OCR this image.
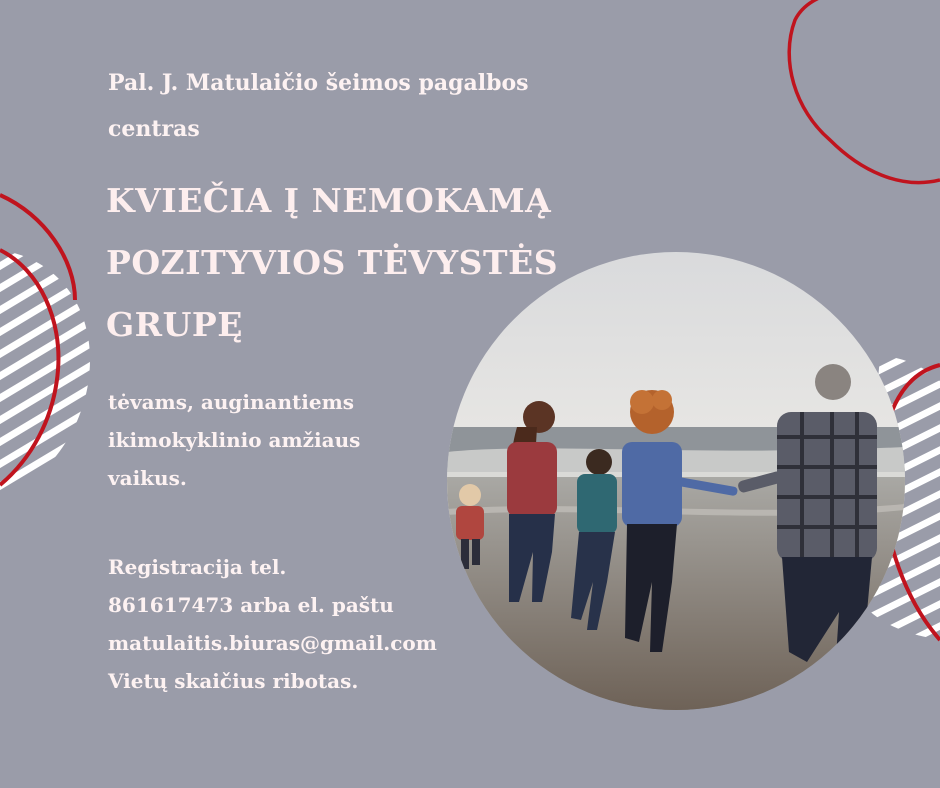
Pal. J. Matulaičio šeimos pagalbos centras
KVIEČIA Į NEMOKAMĄ
POZITYVIOS TĖVYSTĖS
GRUPĘ
tėvams, auginantiems
ikimokyklinio amžiaus
vaikus.
Registracija tel.
861617473 arba el. paštu
matulaitis.biuras@gmail.com
Vietų skaičius ribotas.
